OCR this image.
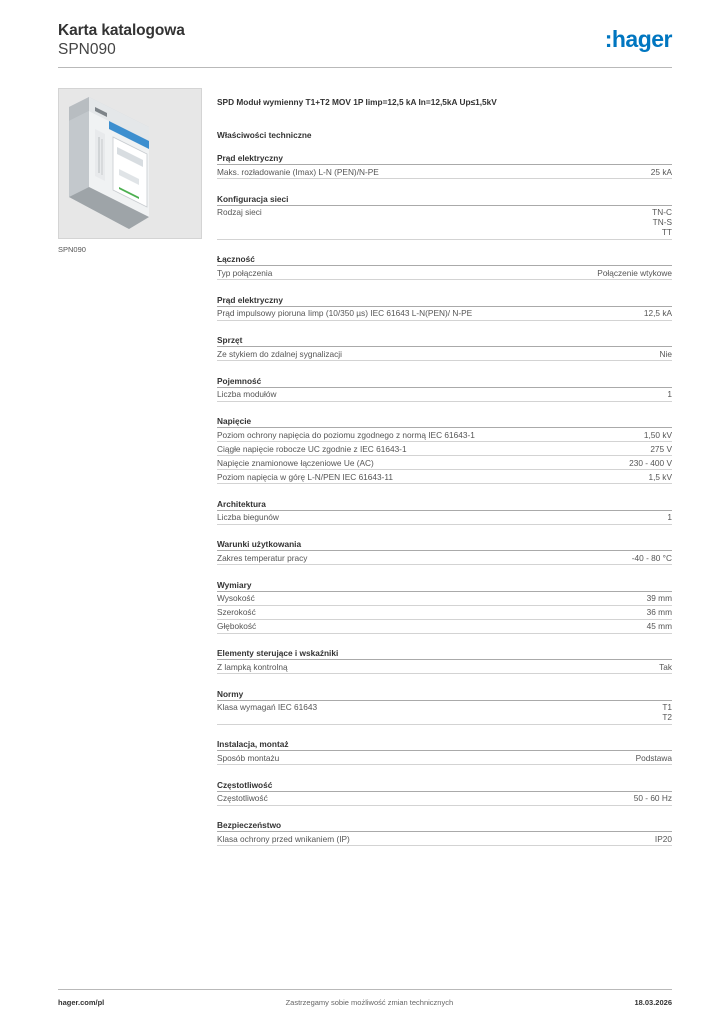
Karta katalogowa
SPN090	:hager
SPN090
SPD Moduł wymienny T1+T2 MOV 1P Iimp=12,5 kA In=12,5kA Up≤1,5kV
Właściwości techniczne
Prąd elektryczny
Maks. rozładowanie (Imax) L-N (PEN)/N-PE	25 kA
Konfiguracja sieci
Rodzaj sieci	TN-C
TN-S
TT
Łączność
Typ połączenia	Połączenie wtykowe
Prąd elektryczny
Prąd impulsowy pioruna Iimp (10/350 µs) IEC 61643 L-N(PEN)/ N-PE	12,5 kA
Sprzęt
Ze stykiem do zdalnej sygnalizacji	Nie
Pojemność
Liczba modułów	1
Napięcie
Poziom ochrony napięcia do poziomu zgodnego z normą IEC 61643-1	1,50 kV
Ciągłe napięcie robocze UC zgodnie z IEC 61643-1	275 V
Napięcie znamionowe łączeniowe Ue (AC)	230 - 400 V
Poziom napięcia w górę L-N/PEN IEC 61643-11	1,5 kV
Architektura
Liczba biegunów	1
Warunki użytkowania
Zakres temperatur pracy	-40 - 80 °C
Wymiary
Wysokość	39 mm
Szerokość	36 mm
Głębokość	45 mm
Elementy sterujące i wskaźniki
Z lampką kontrolną	Tak
Normy
Klasa wymagań IEC 61643	T1
T2
Instalacja, montaż
Sposób montażu	Podstawa
Częstotliwość
Częstotliwość	50 - 60 Hz
Bezpieczeństwo
Klasa ochrony przed wnikaniem (IP)	IP20
hager.com/pl	Zastrzegamy sobie możliwość zmian technicznych	18.03.2026
